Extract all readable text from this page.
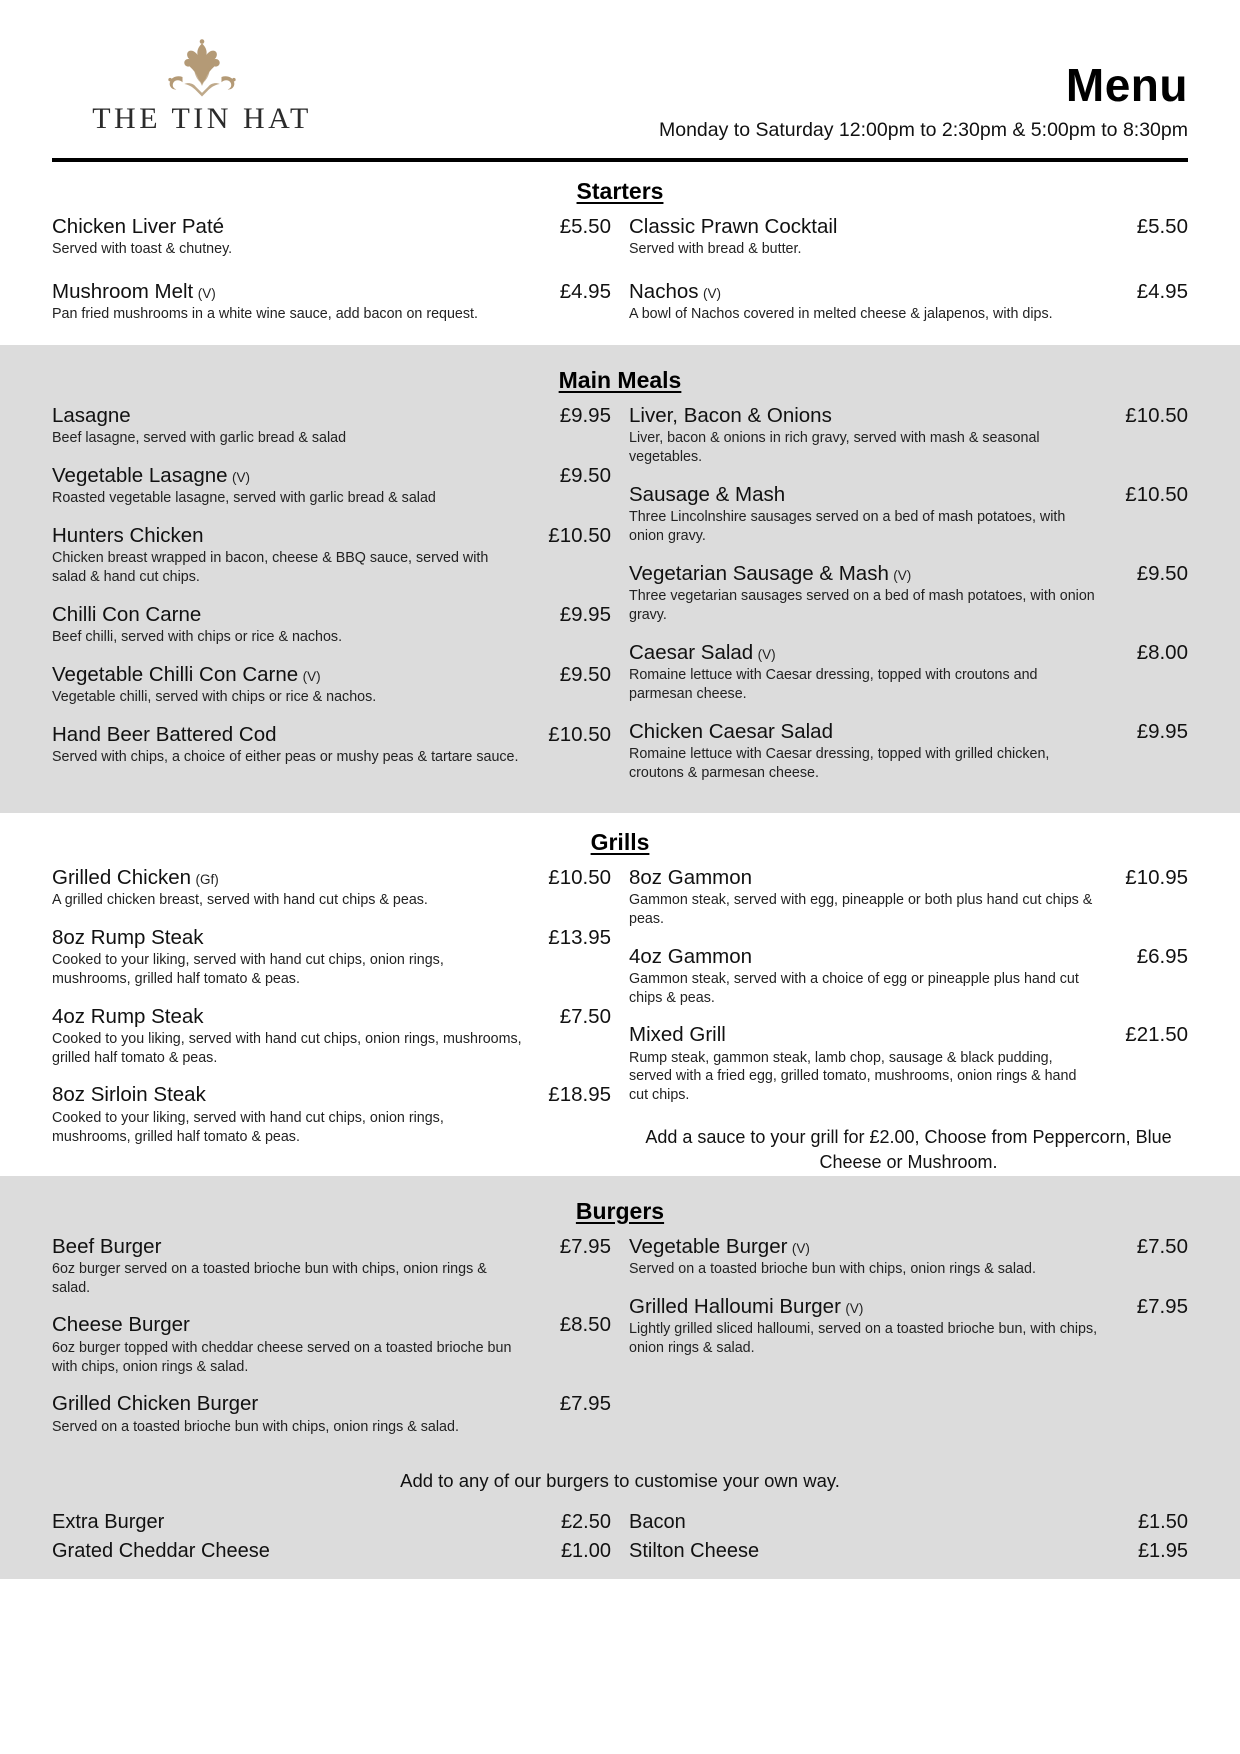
THE TIN HAT
Menu
Monday to Saturday 12:00pm to 2:30pm & 5:00pm to 8:30pm
Starters
Chicken Liver Paté	£5.50
Served with toast & chutney.
Mushroom Melt (V)	£4.95
Pan fried mushrooms in a white wine sauce, add bacon on request.
Classic Prawn Cocktail	£5.50
Served with bread & butter.
Nachos (V)	£4.95
A bowl of Nachos covered in melted cheese & jalapenos, with dips.
Main Meals
Lasagne	£9.95
Beef lasagne, served with garlic bread & salad
Vegetable Lasagne (V)	£9.50
Roasted vegetable lasagne, served with garlic bread & salad
Hunters Chicken	£10.50
Chicken breast wrapped in bacon, cheese & BBQ sauce, served with salad & hand cut chips.
Chilli Con Carne	£9.95
Beef chilli, served with chips or rice & nachos.
Vegetable Chilli Con Carne (V)	£9.50
Vegetable chilli, served with chips or rice & nachos.
Hand Beer Battered Cod	£10.50
Served with chips, a choice of either peas or mushy peas & tartare sauce.
Liver, Bacon & Onions	£10.50
Liver, bacon & onions in rich gravy, served with mash & seasonal vegetables.
Sausage & Mash	£10.50
Three Lincolnshire sausages served on a bed of mash potatoes, with onion gravy.
Vegetarian Sausage & Mash (V)	£9.50
Three vegetarian sausages served on a bed of mash potatoes, with onion gravy.
Caesar Salad (V)	£8.00
Romaine lettuce with Caesar dressing, topped with croutons and parmesan cheese.
Chicken Caesar Salad	£9.95
Romaine lettuce with Caesar dressing, topped with grilled chicken, croutons & parmesan cheese.
Grills
Grilled Chicken (Gf)	£10.50
A grilled chicken breast, served with hand cut chips & peas.
8oz Rump Steak	£13.95
Cooked to your liking, served with hand cut chips, onion rings, mushrooms, grilled half tomato & peas.
4oz Rump Steak	£7.50
Cooked to you liking, served with hand cut chips, onion rings, mushrooms, grilled half tomato & peas.
8oz Sirloin Steak	£18.95
Cooked to your liking, served with hand cut chips, onion rings, mushrooms, grilled half tomato & peas.
8oz Gammon	£10.95
Gammon steak, served with egg, pineapple or both plus hand cut chips & peas.
4oz Gammon	£6.95
Gammon steak, served with a choice of egg or pineapple plus hand cut chips & peas.
Mixed Grill	£21.50
Rump steak, gammon steak, lamb chop, sausage & black pudding, served with a fried egg, grilled tomato, mushrooms, onion rings & hand cut chips.
Add a sauce to your grill for £2.00, Choose from Peppercorn, Blue Cheese or Mushroom.
Burgers
Beef Burger	£7.95
6oz burger served on a toasted brioche bun with chips, onion rings & salad.
Cheese Burger	£8.50
6oz burger topped with cheddar cheese served on a toasted brioche bun with chips, onion rings & salad.
Grilled Chicken Burger	£7.95
Served on a toasted brioche bun with chips, onion rings & salad.
Vegetable Burger (V)	£7.50
Served on a toasted brioche bun with chips, onion rings & salad.
Grilled Halloumi Burger (V)	£7.95
Lightly grilled sliced halloumi, served on a toasted brioche bun, with chips, onion rings & salad.
Add to any of our burgers to customise your own way.
Extra Burger	£2.50
Grated Cheddar Cheese	£1.00
Bacon	£1.50
Stilton Cheese	£1.95
